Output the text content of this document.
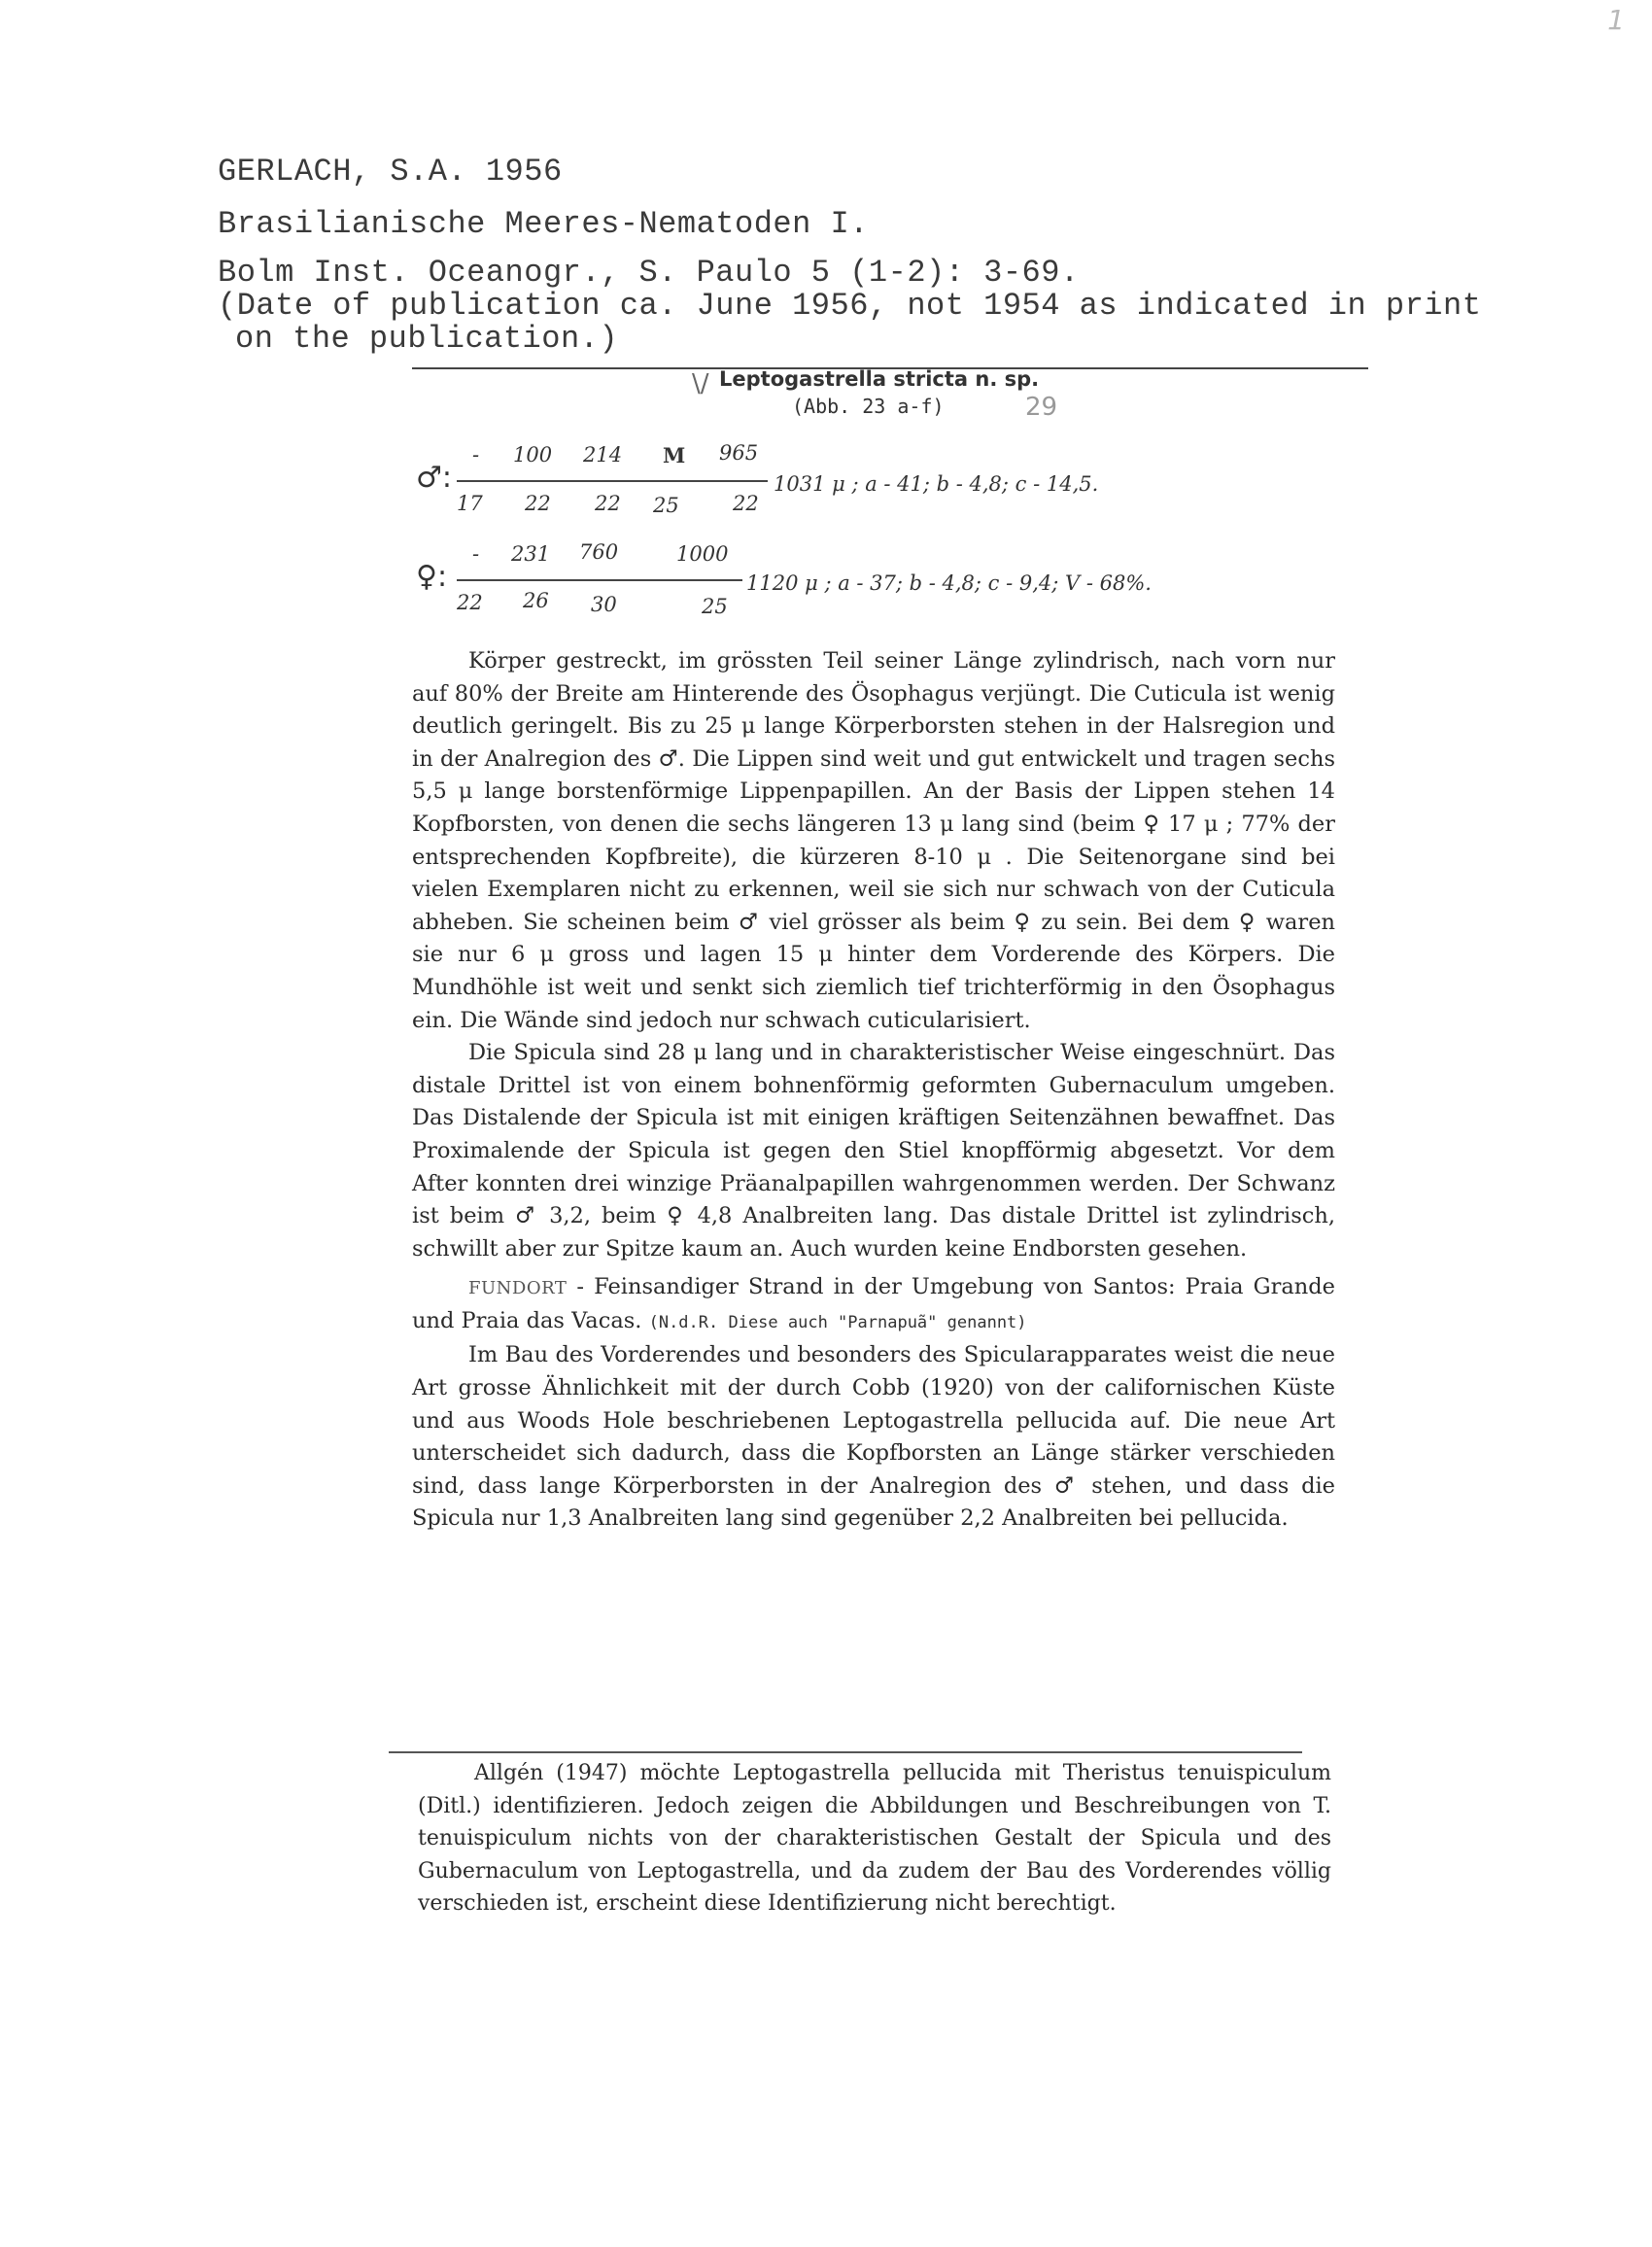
1
GERLACH, S.A. 1956
Brasilianische Meeres-Nematoden I.
Bolm Inst. Oceanogr., S. Paulo 5 (1-2): 3-69.
(Date of publication ca. June 1956, not 1954 as indicated in print
on the publication.)
\/ Leptogastrella stricta n. sp.
(Abb. 23 a-f)	29
♂:
- 100 214 M 965
17 22 22 25	22
1031 μ ; a - 41; b - 4,8; c - 14,5.
♀:
- 231 760	1000
22 26 30	25
1120 μ ; a - 37; b - 4,8; c - 9,4; V - 68%.

Körper gestreckt, im grössten Teil seiner Länge zylindrisch, nach vorn nur auf 80% der Breite am Hinterende des Ösophagus verjüngt. Die Cuticula ist wenig deutlich geringelt. Bis zu 25 μ lange Körperborsten stehen in der Halsregion und in der Analregion des ♂. Die Lippen sind weit und gut entwickelt und tragen sechs 5,5 μ lange borstenförmige Lippenpapillen. An der Basis der Lippen stehen 14 Kopfborsten, von denen die sechs längeren 13 μ lang sind (beim ♀ 17 μ ; 77% der entsprechenden Kopfbreite), die kürzeren 8-10 μ . Die Seitenorgane sind bei vielen Exemplaren nicht zu erkennen, weil sie sich nur schwach von der Cuticula abheben. Sie scheinen beim ♂ viel grösser als beim ♀ zu sein. Bei dem ♀ waren sie nur 6 μ gross und lagen 15 μ hinter dem Vorderende des Körpers. Die Mundhöhle ist weit und senkt sich ziemlich tief trichterförmig in den Ösophagus ein. Die Wände sind jedoch nur schwach cuticularisiert.

Die Spicula sind 28 μ lang und in charakteristischer Weise eingeschnürt. Das distale Drittel ist von einem bohnenförmig geformten Gubernaculum umgeben. Das Distalende der Spicula ist mit einigen kräftigen Seitenzähnen bewaffnet. Das Proximalende der Spicula ist gegen den Stiel knopfförmig abgesetzt. Vor dem After konnten drei winzige Präanalpapillen wahrgenommen werden. Der Schwanz ist beim ♂ 3,2, beim ♀ 4,8 Analbreiten lang. Das distale Drittel ist zylindrisch, schwillt aber zur Spitze kaum an. Auch wurden keine Endborsten gesehen.

FUNDORT - Feinsandiger Strand in der Umgebung von Santos: Praia Grande und Praia das Vacas. (N.d.R. Diese auch "Parnapuã" genannt)

Im Bau des Vorderendes und besonders des Spicularapparates weist die neue Art grosse Ähnlichkeit mit der durch Cobb (1920) von der californischen Küste und aus Woods Hole beschriebenen Leptogastrella pellucida auf. Die neue Art unterscheidet sich dadurch, dass die Kopfborsten an Länge stärker verschieden sind, dass lange Körperborsten in der Analregion des ♂ stehen, und dass die Spicula nur 1,3 Analbreiten lang sind gegenüber 2,2 Analbreiten bei pellucida.

Allgén (1947) möchte Leptogastrella pellucida mit Theristus tenuispiculum (Ditl.) identifizieren. Jedoch zeigen die Abbildungen und Beschreibungen von T. tenuispiculum nichts von der charakteristischen Gestalt der Spicula und des Gubernaculum von Leptogastrella, und da zudem der Bau des Vorderendes völlig verschieden ist, erscheint diese Identifizierung nicht berechtigt.
